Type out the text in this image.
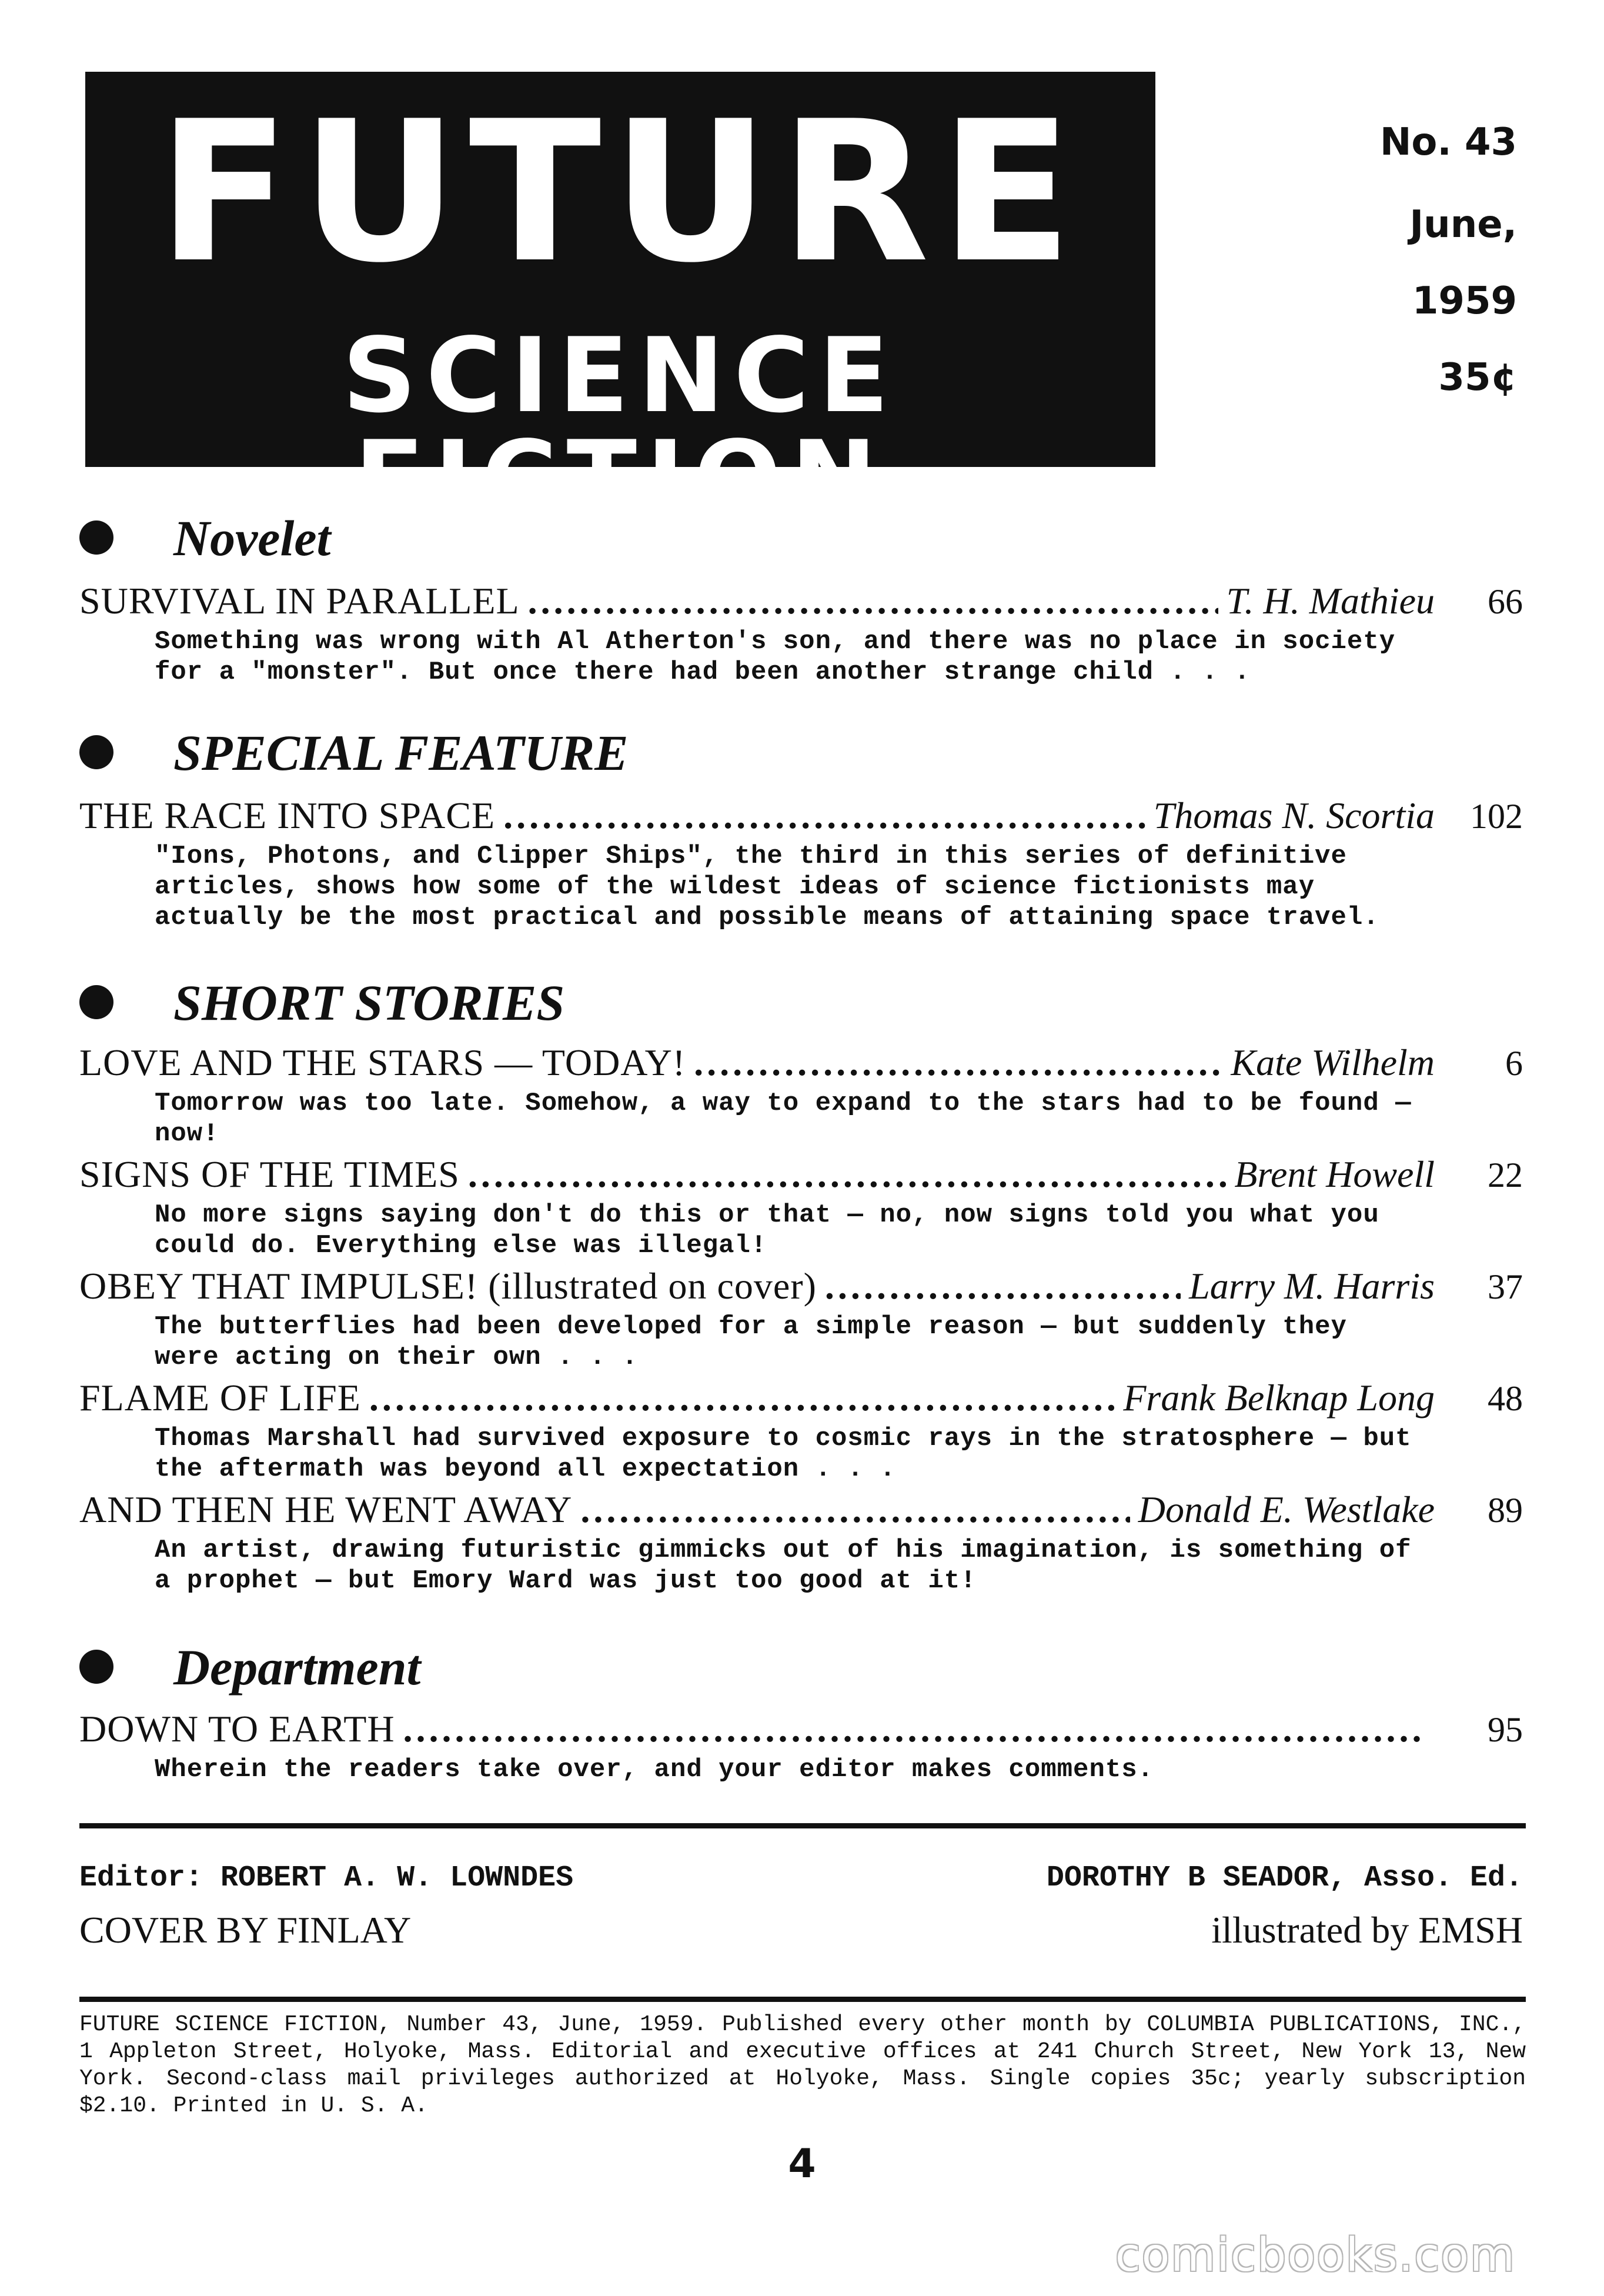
FUTURE
SCIENCE FICTION
No. 43
June,
1959
35¢
Novelet
SURVIVAL IN PARALLEL .....	T. H. Mathieu	66
Something was wrong with Al Atherton's son, and there was no place in society for a "monster". But once there had been another strange child . . .
SPECIAL FEATURE
THE RACE INTO SPACE .....	Thomas N. Scortia	102
"Ions, Photons, and Clipper Ships", the third in this series of definitive articles, shows how some of the wildest ideas of science fictionists may actually be the most practical and possible means of attaining space travel.
SHORT STORIES
LOVE AND THE STARS — TODAY! .....	Kate Wilhelm	6
Tomorrow was too late. Somehow, a way to expand to the stars had to be found — now!
SIGNS OF THE TIMES .....	Brent Howell	22
No more signs saying don't do this or that — no, now signs told you what you could do. Everything else was illegal!
OBEY THAT IMPULSE! (illustrated on cover) .....	Larry M. Harris	37
The butterflies had been developed for a simple reason — but suddenly they were acting on their own . . .
FLAME OF LIFE .....	Frank Belknap Long	48
Thomas Marshall had survived exposure to cosmic rays in the stratosphere — but the aftermath was beyond all expectation . . .
AND THEN HE WENT AWAY .....	Donald E. Westlake	89
An artist, drawing futuristic gimmicks out of his imagination, is something of a prophet — but Emory Ward was just too good at it!
Department
DOWN TO EARTH .....	95
Wherein the readers take over, and your editor makes comments.
Editor: ROBERT A. W. LOWNDES	DOROTHY B SEADOR, Asso. Ed.
COVER BY FINLAY	illustrated by EMSH
FUTURE SCIENCE FICTION, Number 43, June, 1959. Published every other month by COLUMBIA PUBLICATIONS, INC., 1 Appleton Street, Holyoke, Mass. Editorial and executive offices at 241 Church Street, New York 13, New York. Second-class mail privileges authorized at Holyoke, Mass. Single copies 35c; yearly subscription $2.10. Printed in U. S. A.
4
comicbooks.com
